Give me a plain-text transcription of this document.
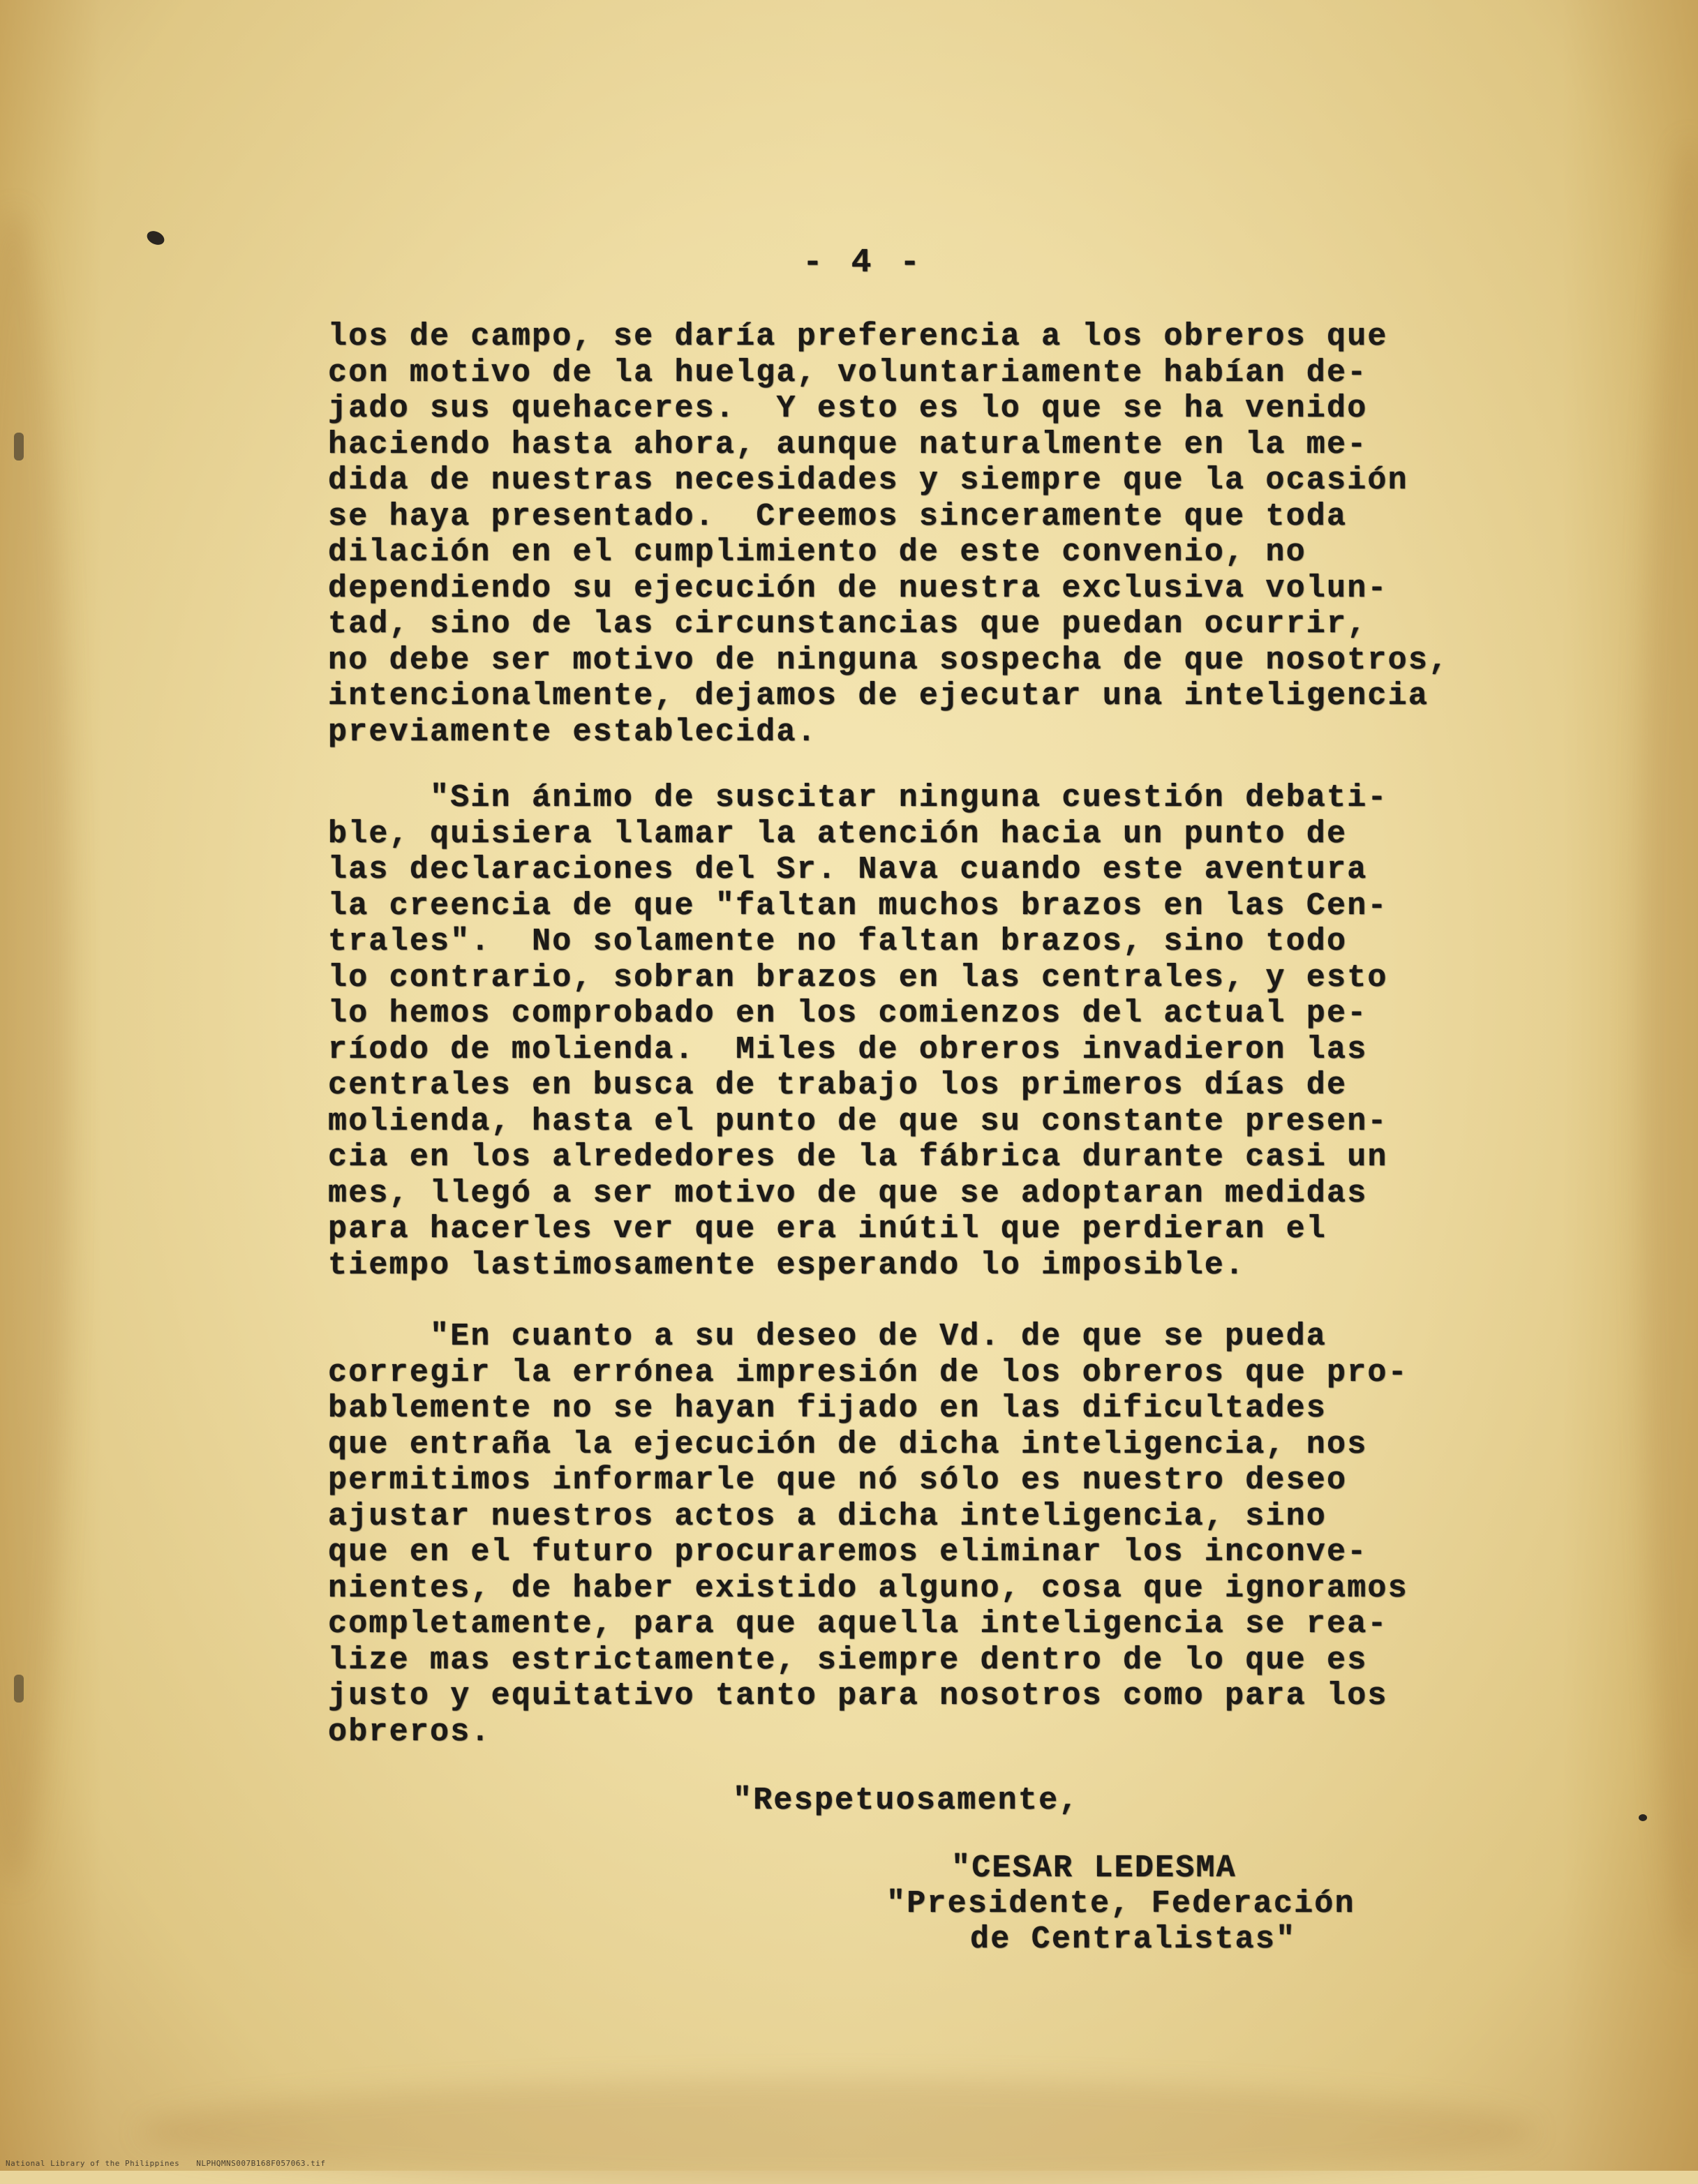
- 4 -
los de campo, se daría preferencia a los obreros que
con motivo de la huelga, voluntariamente habían de-
jado sus quehaceres.  Y esto es lo que se ha venido
haciendo hasta ahora, aunque naturalmente en la me-
dida de nuestras necesidades y siempre que la ocasión
se haya presentado.  Creemos sinceramente que toda
dilación en el cumplimiento de este convenio, no
dependiendo su ejecución de nuestra exclusiva volun-
tad, sino de las circunstancias que puedan ocurrir,
no debe ser motivo de ninguna sospecha de que nosotros,
intencionalmente, dejamos de ejecutar una inteligencia
previamente establecida.
"Sin ánimo de suscitar ninguna cuestión debati-
ble, quisiera llamar la atención hacia un punto de
las declaraciones del Sr. Nava cuando este aventura
la creencia de que "faltan muchos brazos en las Cen-
trales".  No solamente no faltan brazos, sino todo
lo contrario, sobran brazos en las centrales, y esto
lo hemos comprobado en los comienzos del actual pe-
ríodo de molienda.  Miles de obreros invadieron las
centrales en busca de trabajo los primeros días de
molienda, hasta el punto de que su constante presen-
cia en los alrededores de la fábrica durante casi un
mes, llegó a ser motivo de que se adoptaran medidas
para hacerles ver que era inútil que perdieran el
tiempo lastimosamente esperando lo imposible.
"En cuanto a su deseo de Vd. de que se pueda
corregir la errónea impresión de los obreros que pro-
bablemente no se hayan fijado en las dificultades
que entraña la ejecución de dicha inteligencia, nos
permitimos informarle que nó sólo es nuestro deseo
ajustar nuestros actos a dicha inteligencia, sino
que en el futuro procuraremos eliminar los inconve-
nientes, de haber existido alguno, cosa que ignoramos
completamente, para que aquella inteligencia se rea-
lize mas estrictamente, siempre dentro de lo que es
justo y equitativo tanto para nosotros como para los
obreros.
"Respetuosamente,
"CESAR LEDESMA
"Presidente, Federación
de Centralistas"
National Library of the Philippines NLPHQMNS007B168F057063.tif
